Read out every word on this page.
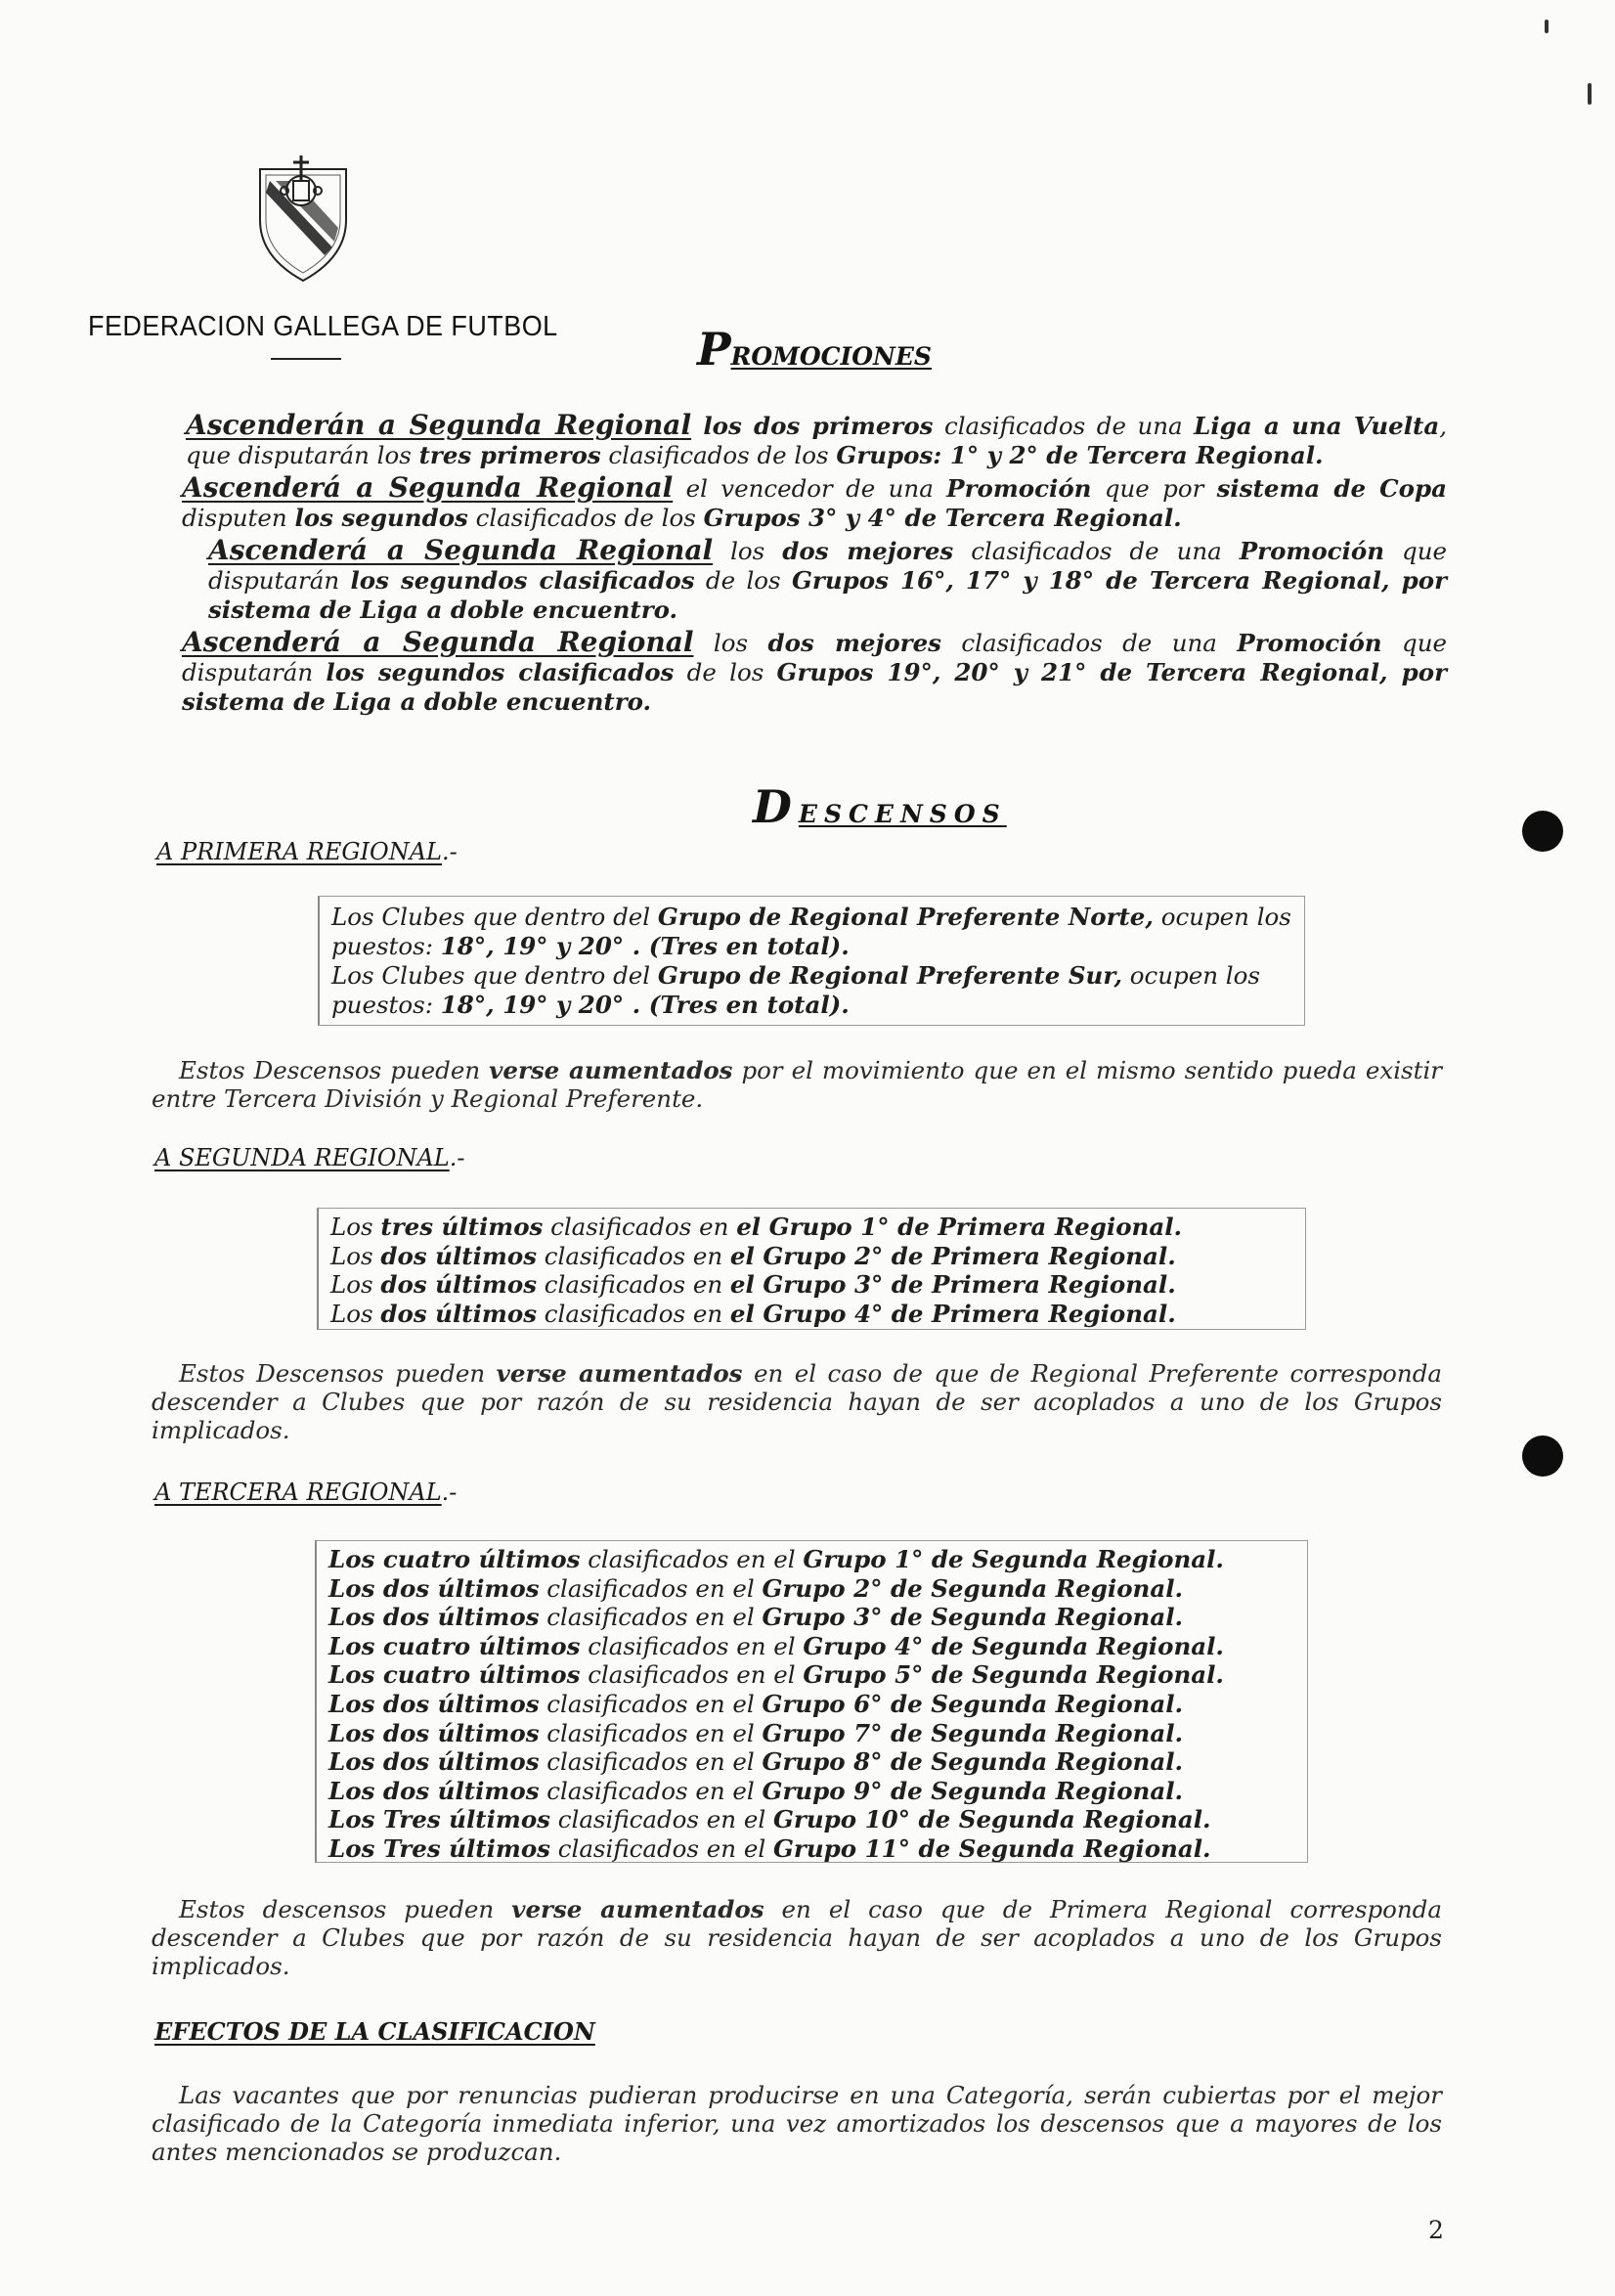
FEDERACION GALLEGA DE FUTBOL	PROMOCIONES

Ascenderán a Segunda Regional los dos primeros clasificados de una Liga a una Vuelta, que disputarán los tres primeros clasificados de los Grupos: 1° y 2° de Tercera Regional.

Ascenderá a Segunda Regional el vencedor de una Promoción que por sistema de Copa disputen los segundos clasificados de los Grupos 3° y 4° de Tercera Regional.

Ascenderá a Segunda Regional los dos mejores clasificados de una Promoción que disputarán los segundos clasificados de los Grupos 16°, 17° y 18° de Tercera Regional, por sistema de Liga a doble encuentro.

Ascenderá a Segunda Regional los dos mejores clasificados de una Promoción que disputarán los segundos clasificados de los Grupos 19°, 20° y 21° de Tercera Regional, por sistema de Liga a doble encuentro.

DESCENSOS
A PRIMERA REGIONAL.-
Los Clubes que dentro del Grupo de Regional Preferente Norte, ocupen los puestos: 18°, 19° y 20° . (Tres en total).
Los Clubes que dentro del Grupo de Regional Preferente Sur, ocupen los puestos: 18°, 19° y 20° . (Tres en total).

Estos Descensos pueden verse aumentados por el movimiento que en el mismo sentido pueda existir entre Tercera División y Regional Preferente.

A SEGUNDA REGIONAL.-
Los tres últimos clasificados en el Grupo 1° de Primera Regional.
Los dos últimos clasificados en el Grupo 2° de Primera Regional.
Los dos últimos clasificados en el Grupo 3° de Primera Regional.
Los dos últimos clasificados en el Grupo 4° de Primera Regional.

Estos Descensos pueden verse aumentados en el caso de que de Regional Preferente corresponda descender a Clubes que por razón de su residencia hayan de ser acoplados a uno de los Grupos implicados.

A TERCERA REGIONAL.-
Los cuatro últimos clasificados en el Grupo 1° de Segunda Regional.
Los dos últimos clasificados en el Grupo 2° de Segunda Regional.
Los dos últimos clasificados en el Grupo 3° de Segunda Regional.
Los cuatro últimos clasificados en el Grupo 4° de Segunda Regional.
Los cuatro últimos clasificados en el Grupo 5° de Segunda Regional.
Los dos últimos clasificados en el Grupo 6° de Segunda Regional.
Los dos últimos clasificados en el Grupo 7° de Segunda Regional.
Los dos últimos clasificados en el Grupo 8° de Segunda Regional.
Los dos últimos clasificados en el Grupo 9° de Segunda Regional.
Los Tres últimos clasificados en el Grupo 10° de Segunda Regional.
Los Tres últimos clasificados en el Grupo 11° de Segunda Regional.

Estos descensos pueden verse aumentados en el caso que de Primera Regional corresponda descender a Clubes que por razón de su residencia hayan de ser acoplados a uno de los Grupos implicados.

EFECTOS DE LA CLASIFICACION

Las vacantes que por renuncias pudieran producirse en una Categoría, serán cubiertas por el mejor clasificado de la Categoría inmediata inferior, una vez amortizados los descensos que a mayores de los antes mencionados se produzcan.

2
